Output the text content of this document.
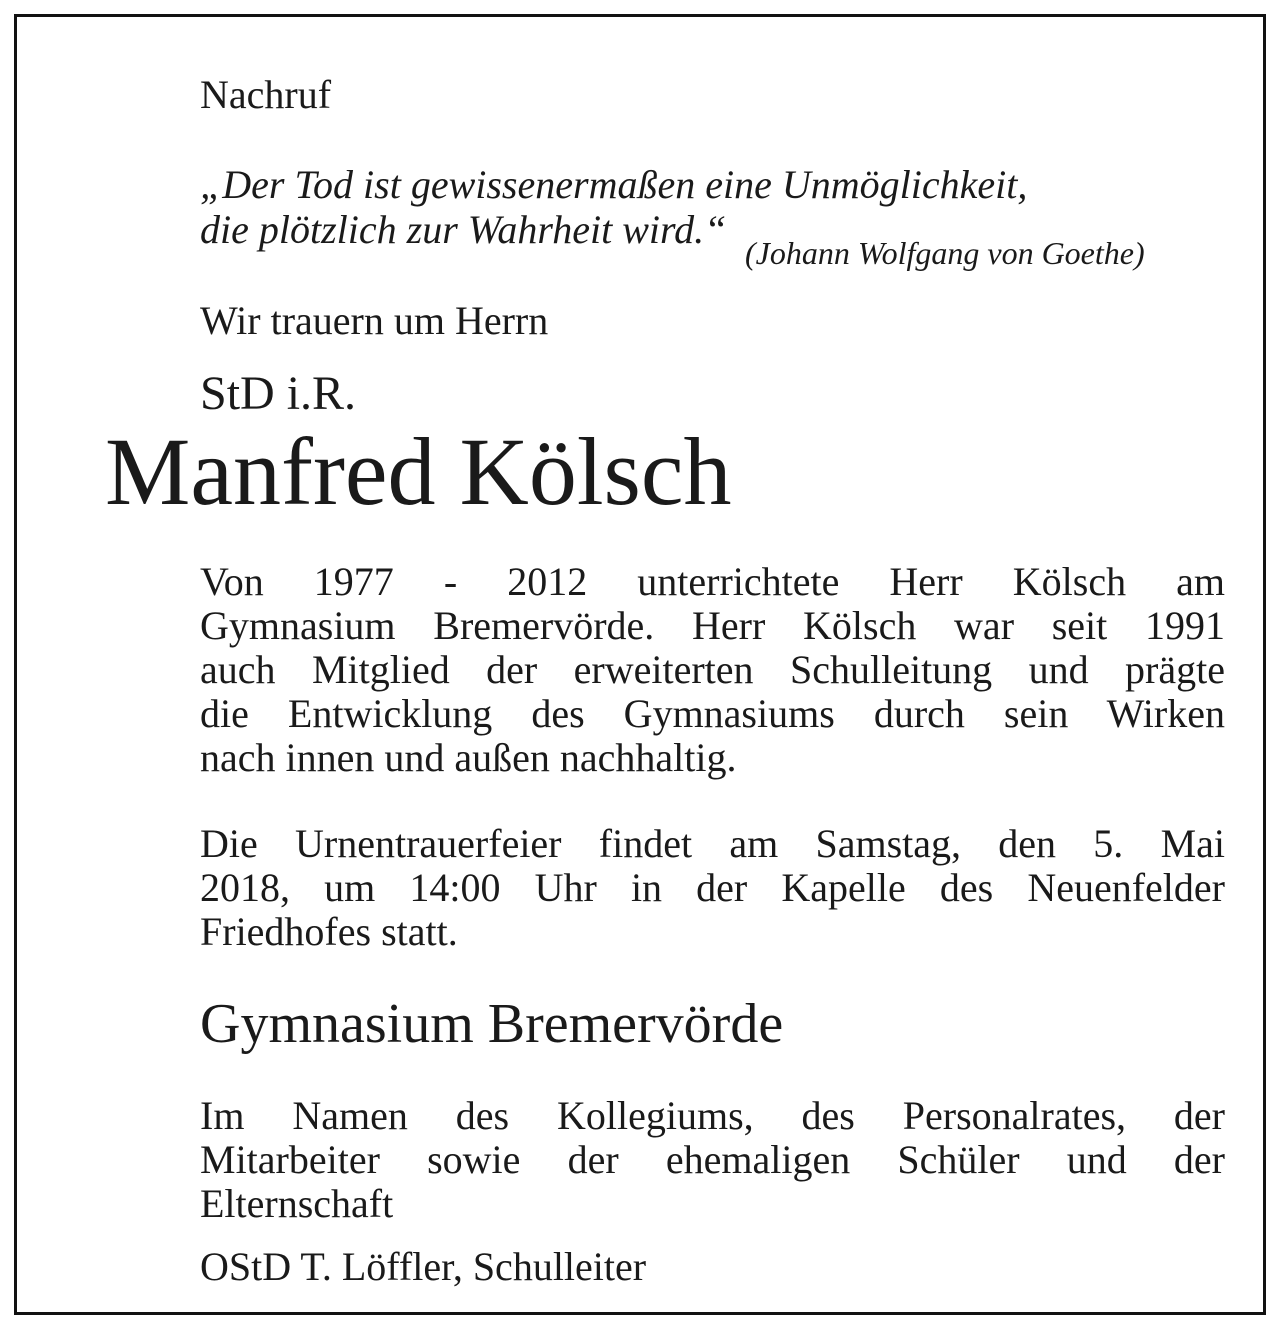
Nachruf

„Der Tod ist gewissenermaßen eine Unmöglichkeit,

die plötzlich zur Wahrheit wird.“

(Johann Wolfgang von Goethe)

Wir trauern um Herrn

StD i.R.

Manfred Kölsch

Von 1977 - 2012 unterrichtete Herr Kölsch am
Gymnasium Bremervörde. Herr Kölsch war seit 1991
auch Mitglied der erweiterten Schulleitung und prägte
die Entwicklung des Gymnasiums durch sein Wirken
nach innen und außen nachhaltig.
Die Urnentrauerfeier findet am Samstag, den 5. Mai
2018, um 14:00 Uhr in der Kapelle des Neuenfelder
Friedhofes statt.

Gymnasium Bremervörde

Im Namen des Kollegiums, des Personalrates, der
Mitarbeiter sowie der ehemaligen Schüler und der
Elternschaft

OStD T. Löffler, Schulleiter
